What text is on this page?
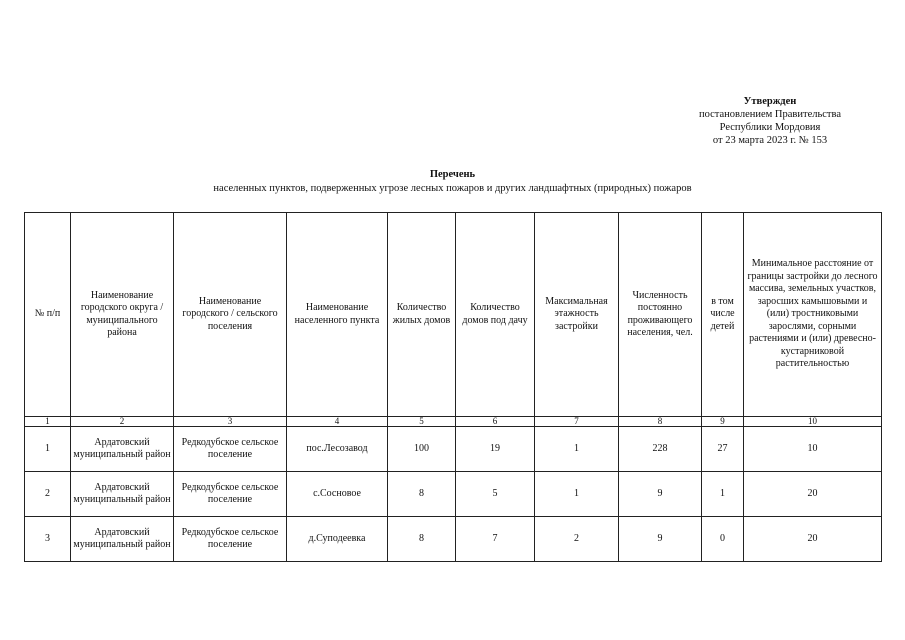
Утвержден
постановлением Правительства
Республики Мордовия
от 23 марта 2023 г. № 153
Перечень
населенных пунктов, подверженных угрозе лесных пожаров и других ландшафтных (природных) пожаров
№ п/п	Наименование городского округа / муниципального района	Наименование городского / сельского поселения	Наименование населенного пункта	Количество жилых домов	Количество домов под дачу	Максимальная этажность застройки	Численность постоянно проживающего населения, чел.	в том числе детей	Минимальное расстояние от границы застройки до лесного массива, земельных участков, заросших камышовыми и (или) тростниковыми зарослями, сорными растениями и (или) древесно-кустарниковой растительностью
1	2	3	4	5	6	7	8	9	10
1	Ардатовский муниципальный район	Редкодубское сельское поселение	пос.Лесозавод	100	19	1	228	27	10
2	Ардатовский муниципальный район	Редкодубское сельское поселение	с.Сосновое	8	5	1	9	1	20
3	Ардатовский муниципальный район	Редкодубское сельское поселение	д.Суподеевка	8	7	2	9	0	20
